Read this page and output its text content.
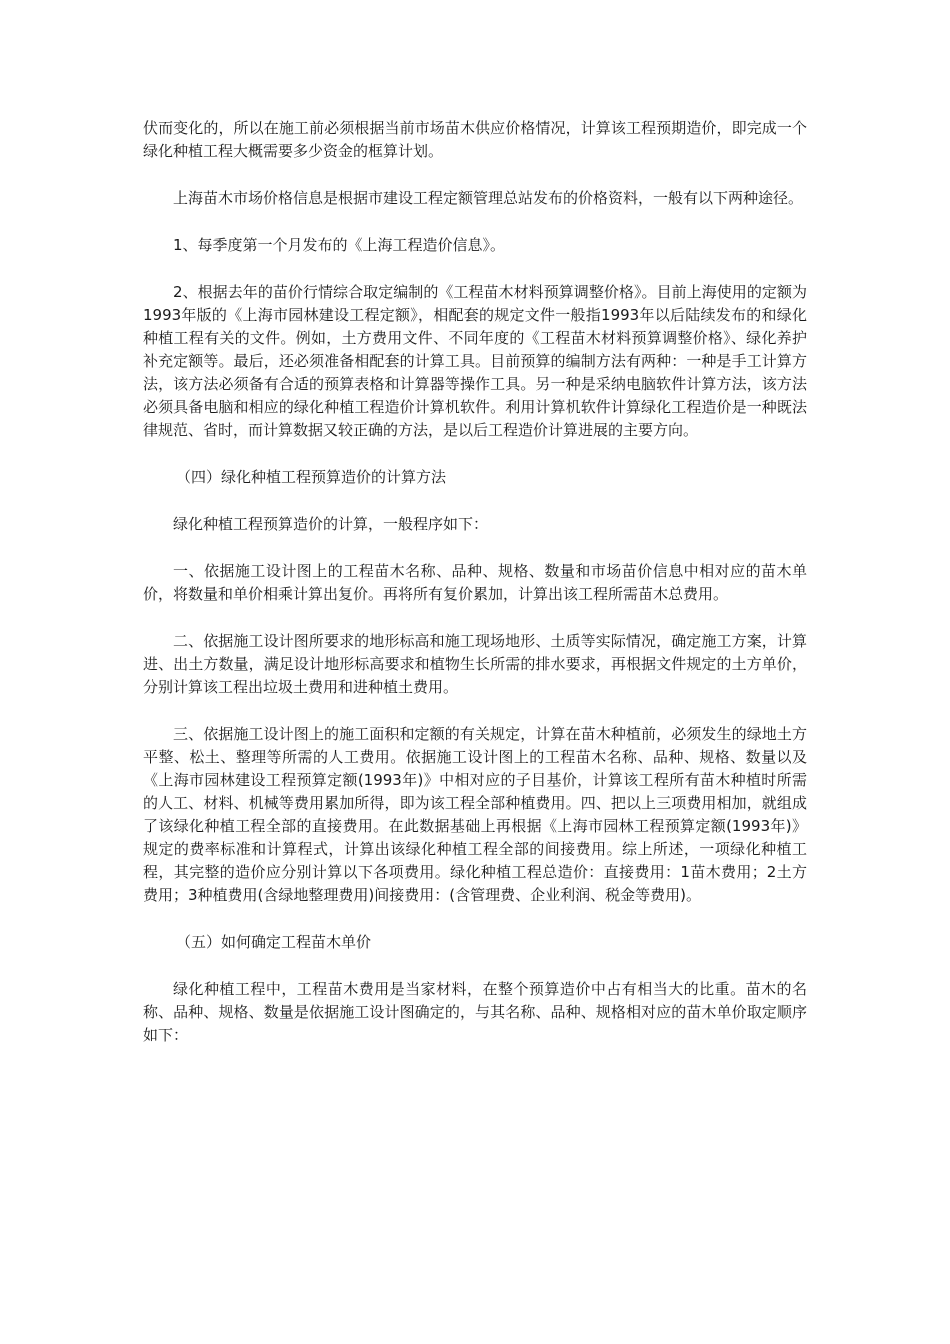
伏而变化的，所以在施工前必须根据当前市场苗木供应价格情况，计算该工程预期造价，即完成一个绿化种植工程大概需要多少资金的框算计划。

上海苗木市场价格信息是根据市建设工程定额管理总站发布的价格资料，一般有以下两种途径。

1、每季度第一个月发布的《上海工程造价信息》。

2、根据去年的苗价行情综合取定编制的《工程苗木材料预算调整价格》。目前上海使用的定额为1993年版的《上海市园林建设工程定额》，相配套的规定文件一般指1993年以后陆续发布的和绿化种植工程有关的文件。例如，土方费用文件、不同年度的《工程苗木材料预算调整价格》、绿化养护补充定额等。最后，还必须准备相配套的计算工具。目前预算的编制方法有两种：一种是手工计算方法，该方法必须备有合适的预算表格和计算器等操作工具。另一种是采纳电脑软件计算方法，该方法必须具备电脑和相应的绿化种植工程造价计算机软件。利用计算机软件计算绿化工程造价是一种既法律规范、省时，而计算数据又较正确的方法，是以后工程造价计算进展的主要方向。

（四）绿化种植工程预算造价的计算方法

绿化种植工程预算造价的计算，一般程序如下：

一、依据施工设计图上的工程苗木名称、品种、规格、数量和市场苗价信息中相对应的苗木单价，将数量和单价相乘计算出复价。再将所有复价累加，计算出该工程所需苗木总费用。

二、依据施工设计图所要求的地形标高和施工现场地形、土质等实际情况，确定施工方案，计算进、出土方数量，满足设计地形标高要求和植物生长所需的排水要求，再根据文件规定的土方单价，分别计算该工程出垃圾土费用和进种植土费用。

三、依据施工设计图上的施工面积和定额的有关规定，计算在苗木种植前，必须发生的绿地土方平整、松土、整理等所需的人工费用。依据施工设计图上的工程苗木名称、品种、规格、数量以及《上海市园林建设工程预算定额(1993年)》中相对应的子目基价，计算该工程所有苗木种植时所需的人工、材料、机械等费用累加所得，即为该工程全部种植费用。四、把以上三项费用相加，就组成了该绿化种植工程全部的直接费用。在此数据基础上再根据《上海市园林工程预算定额(1993年)》规定的费率标准和计算程式，计算出该绿化种植工程全部的间接费用。综上所述，一项绿化种植工程，其完整的造价应分别计算以下各项费用。绿化种植工程总造价：直接费用：1苗木费用；2土方费用；3种植费用(含绿地整理费用)间接费用：(含管理费、企业利润、税金等费用)。

（五）如何确定工程苗木单价

绿化种植工程中，工程苗木费用是当家材料，在整个预算造价中占有相当大的比重。苗木的名称、品种、规格、数量是依据施工设计图确定的，与其名称、品种、规格相对应的苗木单价取定顺序如下：
